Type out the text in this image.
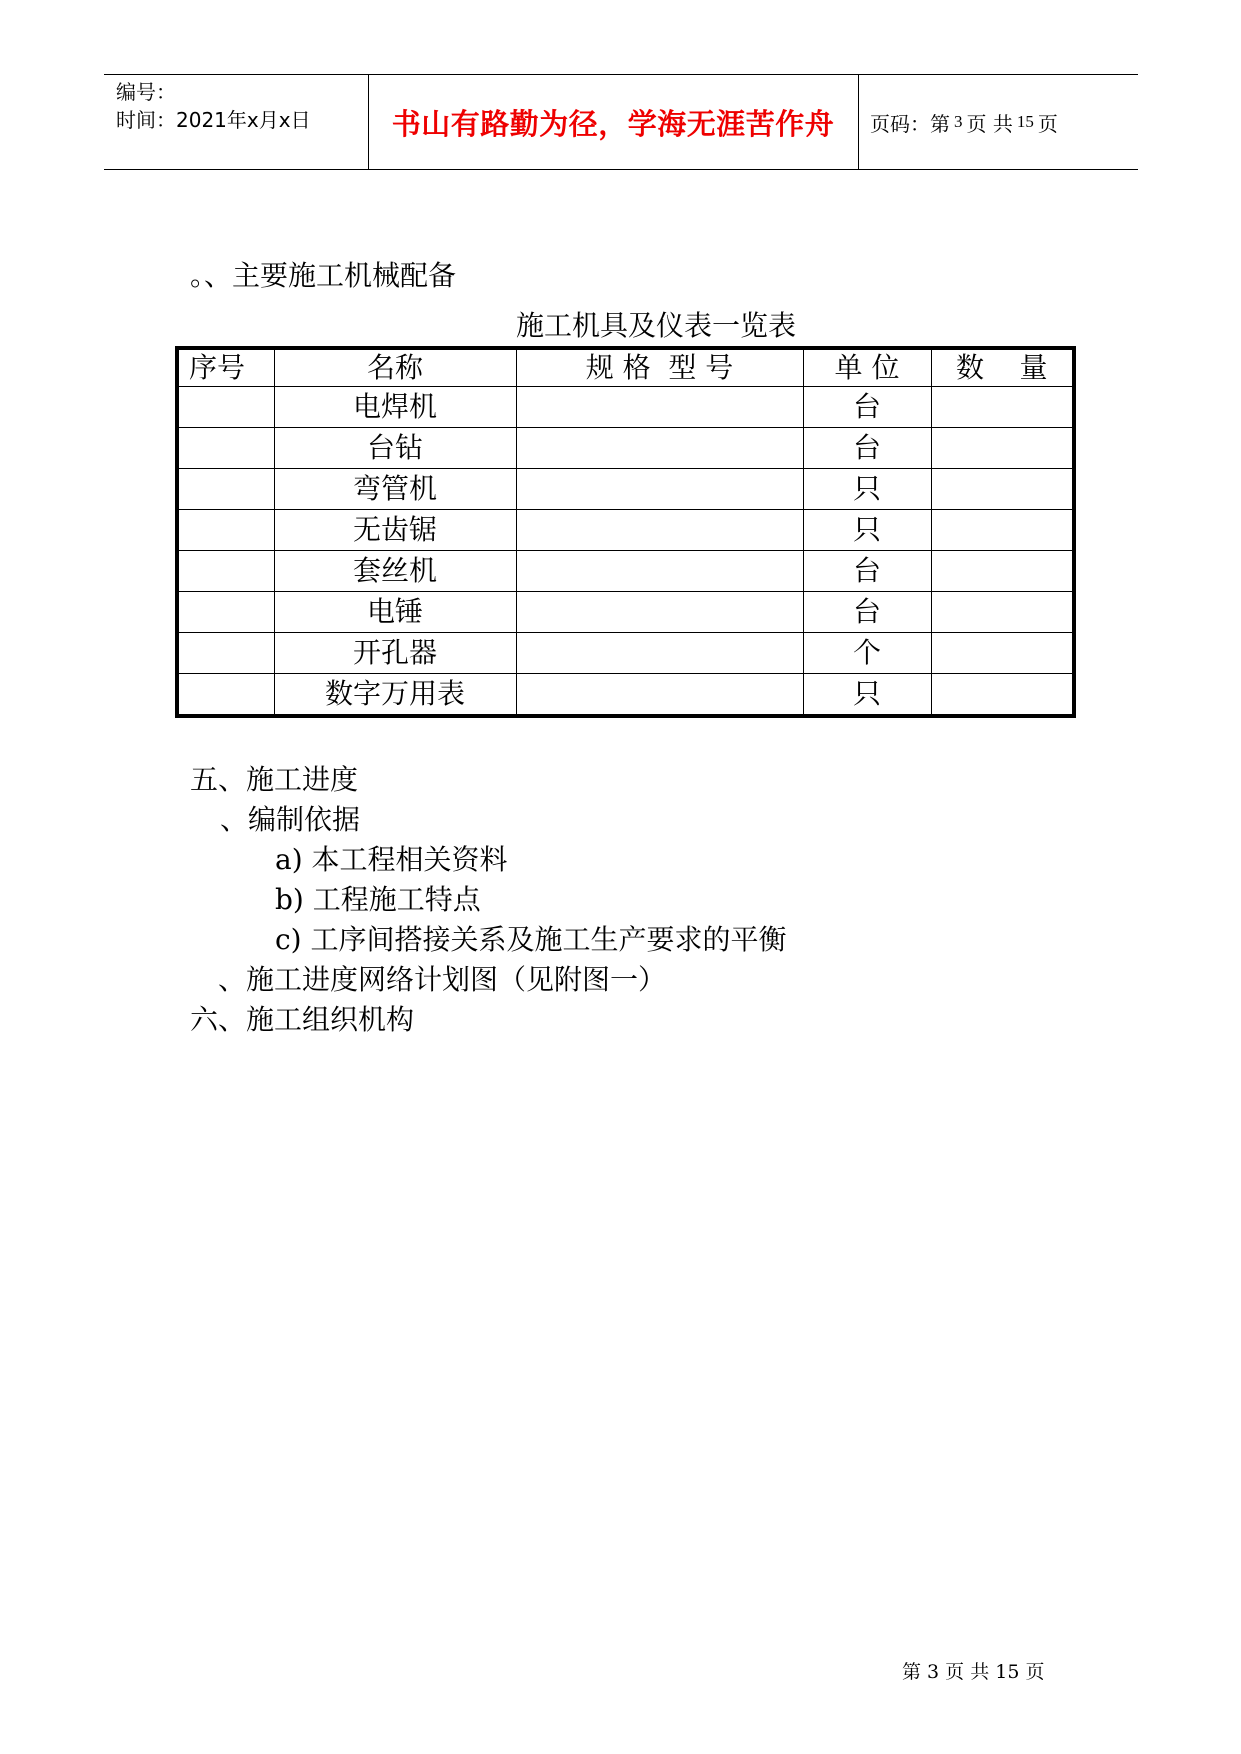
编号：
时间：2021年x月x日	书山有路勤为径，学海无涯苦作舟	页码：第 3 页 共 15 页
。、主要施工机械配备
施工机具及仪表一览表
序号	名称	规 格  型 号	单 位	数    量
	电焊机		台	
	台钻		台	
	弯管机		只	
	无齿锯		只	
	套丝机		台	
	电锤		台	
	开孔器		个	
	数字万用表		只	
五、施工进度
、编制依据
a) 本工程相关资料
b) 工程施工特点
c) 工序间搭接关系及施工生产要求的平衡
、施工进度网络计划图（见附图一）
六、施工组织机构
第 3 页 共 15 页
